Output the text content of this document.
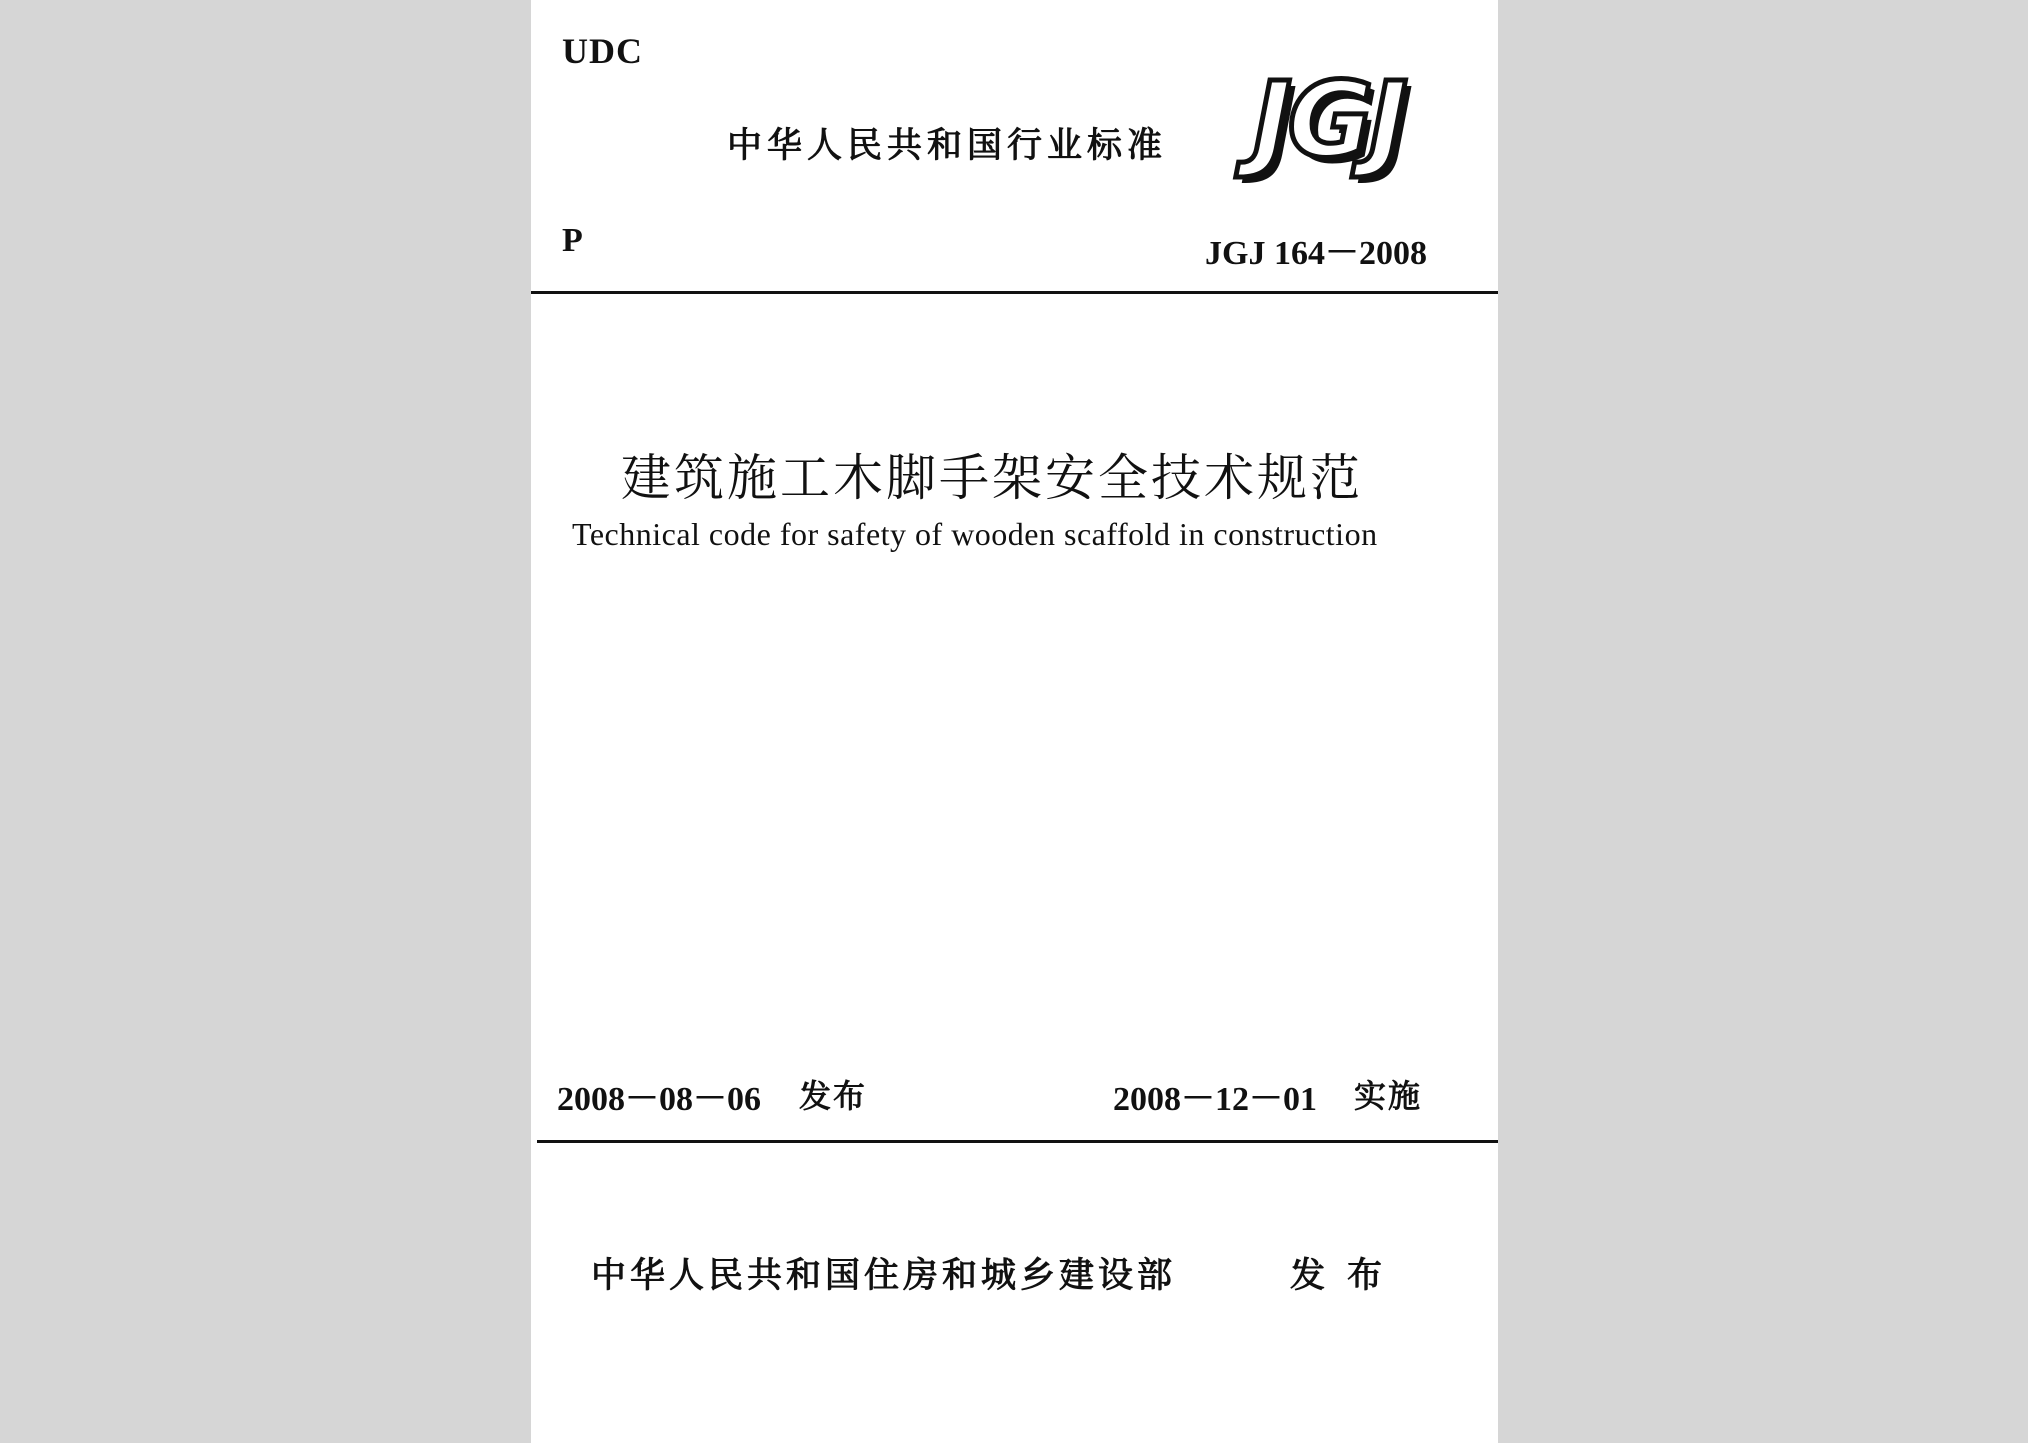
UDC

中华人民共和国行业标准 JGJ

P	JGJ 164－2008

建筑施工木脚手架安全技术规范

Technical code for safety of wooden scaffold in construction

2008－08－06 发布	2008－12－01 实施

中华人民共和国住房和城乡建设部	发布
